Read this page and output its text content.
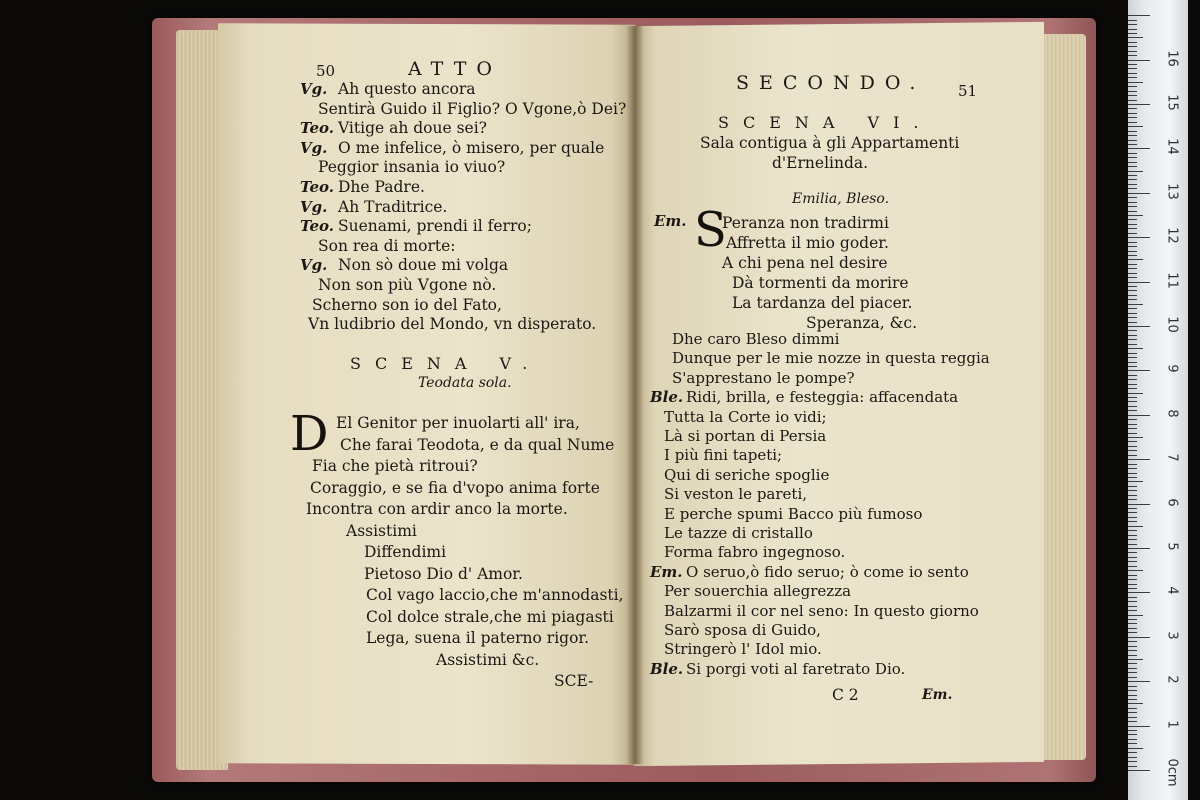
50	ATTO
Vg. Ah questo ancora
Sentirà Guido il Figlio? O Vgone,ò Dei?
Teo. Vitige ah doue sei?
Vg. O me infelice, ò misero, per quale
Peggior insania io viuo?
Teo. Dhe Padre.
Vg. Ah Traditrice.
Teo. Suenami, prendi il ferro;
Son rea di morte:
Vg. Non sò doue mi volga
Non son più Vgone nò.
Scherno son io del Fato,
Vn ludibrio del Mondo, vn disperato.
SCENA V.
Teodata sola.
D El Genitor per inuolarti all' ira,
Che farai Teodota, e da qual Nume
Fia che pietà ritroui?
Coraggio, e se fia d'vopo anima forte
Incontra con ardir anco la morte.
Assistimi
Diffendimi
Pietoso Dio d' Amor.
Col vago laccio,che m'annodasti,
Col dolce strale,che mi piagasti
Lega, suena il paterno rigor.
Assistimi &c.
SCE-
SECONDO. 51
SCENA VI.
Sala contigua à gli Appartamenti
d'Ernelinda.
Emilia, Bleso.
Em. S
Peranza non tradirmi
Affretta il mio goder.
A chi pena nel desire
Dà tormenti da morire
La tardanza del piacer.
Speranza, &c.
Dhe caro Bleso dimmi
Dunque per le mie nozze in questa reggia
S'apprestano le pompe?
Ble. Ridi, brilla, e festeggia: affacendata
Tutta la Corte io vidi;
Là si portan di Persia
I più fini tapeti;
Qui di seriche spoglie
Si veston le pareti,
E perche spumi Bacco più fumoso
Le tazze di cristallo
Forma fabro ingegnoso.
Em. O seruo,ò fido seruo; ò come io sento
Per souerchia allegrezza
Balzarmi il cor nel seno: In questo giorno
Sarò sposa di Guido,
Stringerò l' Idol mio.
Ble. Si porgi voti al faretrato Dio.
C 2	Em.
0cm
1
2
3
4
5
6
7
8
9
10
11
12
13
14
15
16
